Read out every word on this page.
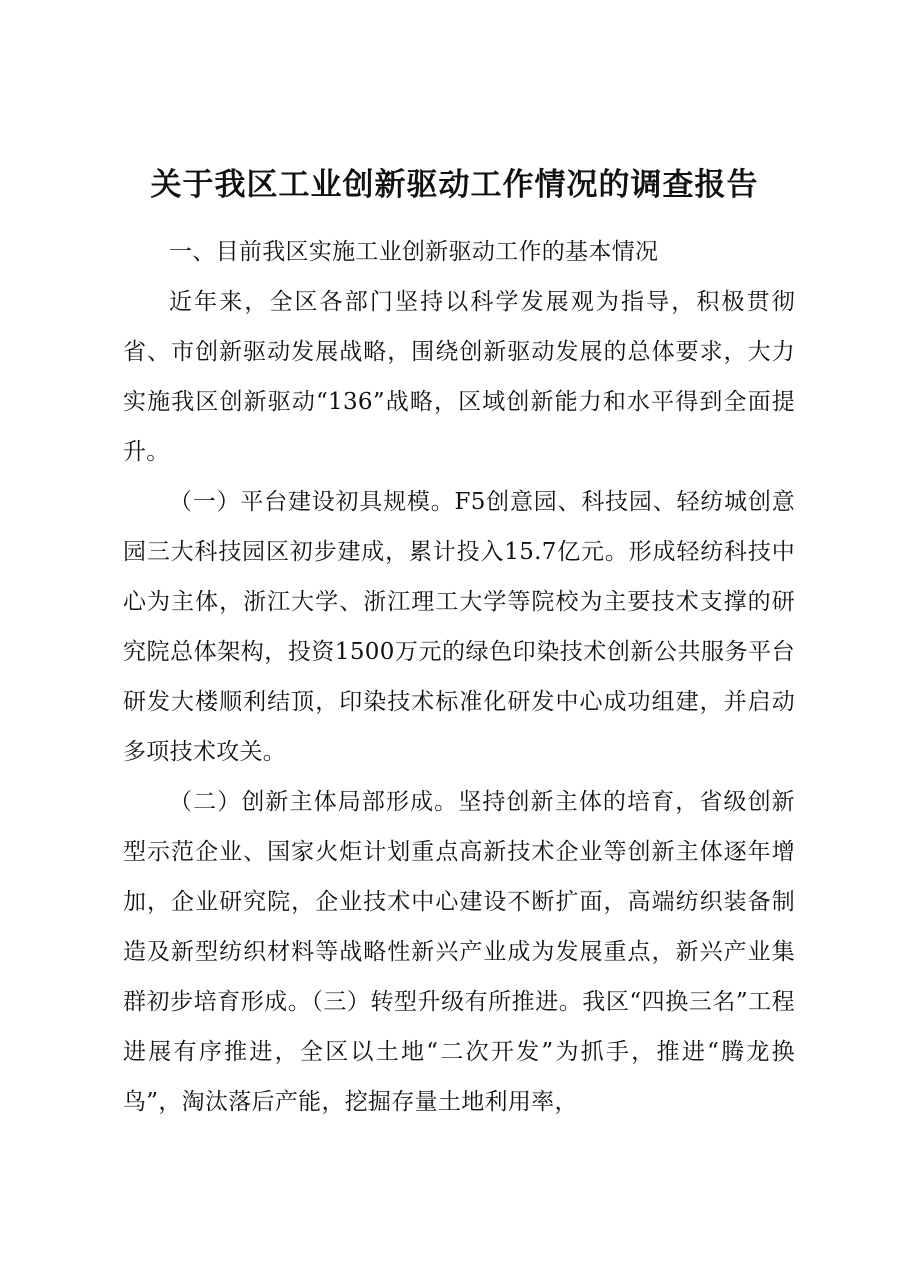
关于我区工业创新驱动工作情况的调查报告

一、目前我区实施工业创新驱动工作的基本情况

近年来，全区各部门坚持以科学发展观为指导，积极贯彻省、市创新驱动发展战略，围绕创新驱动发展的总体要求，大力实施我区创新驱动“136”战略，区域创新能力和水平得到全面提升。

（一）平台建设初具规模。F5创意园、科技园、轻纺城创意园三大科技园区初步建成，累计投入15.7亿元。形成轻纺科技中心为主体，浙江大学、浙江理工大学等院校为主要技术支撑的研究院总体架构，投资1500万元的绿色印染技术创新公共服务平台研发大楼顺利结顶，印染技术标准化研发中心成功组建，并启动多项技术攻关。

（二）创新主体局部形成。坚持创新主体的培育，省级创新型示范企业、国家火炬计划重点高新技术企业等创新主体逐年增加，企业研究院，企业技术中心建设不断扩面，高端纺织装备制造及新型纺织材料等战略性新兴产业成为发展重点，新兴产业集群初步培育形成。（三）转型升级有所推进。我区“四换三名”工程进展有序推进，全区以土地“二次开发”为抓手，推进“腾龙换鸟”，淘汰落后产能，挖掘存量土地利用率，
